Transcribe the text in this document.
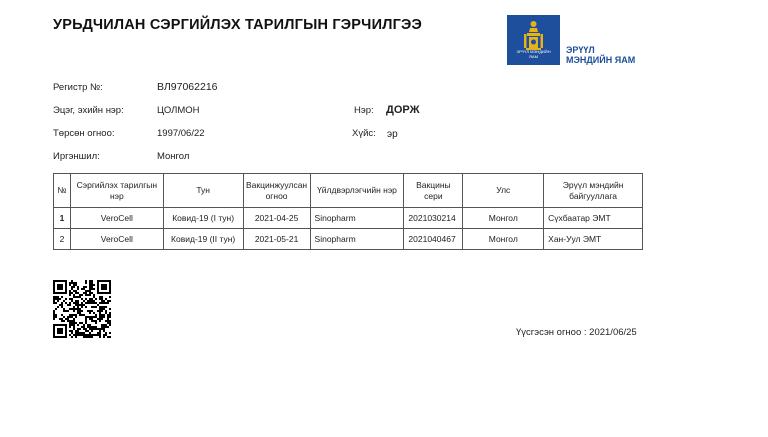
УРЬДЧИЛАН СЭРГИЙЛЭХ ТАРИЛГЫН ГЭРЧИЛГЭЭ
ЭРҮҮЛ МЭНДИЙН
ЯАМ
ЭРҮҮЛ
МЭНДИЙН ЯАМ
Регистр №:	ВЛ97062216
Эцэг, эхийн нэр:	ЦОЛМОН	Нэр: ДОРЖ
Төрсөн огноо:	1997/06/22	Хүйс: эр
Иргэншил:	Монгол
№	Сэргийлэх тарилгын нэр	Тун	Вакцинжуулсан огноо	Үйлдвэрлэгчийн нэр	Вакцины сери	Улс	Эрүүл мэндийн байгууллага
1	VeroCell	Ковид-19 (I тун)	2021-04-25	Sinopharm	2021030214	Монгол	Сүхбаатар ЭМТ
2	VeroCell	Ковид-19 (II тун)	2021-05-21	Sinopharm	2021040467	Монгол	Хан-Уул ЭМТ
Үүсгэсэн огноо : 2021/06/25
